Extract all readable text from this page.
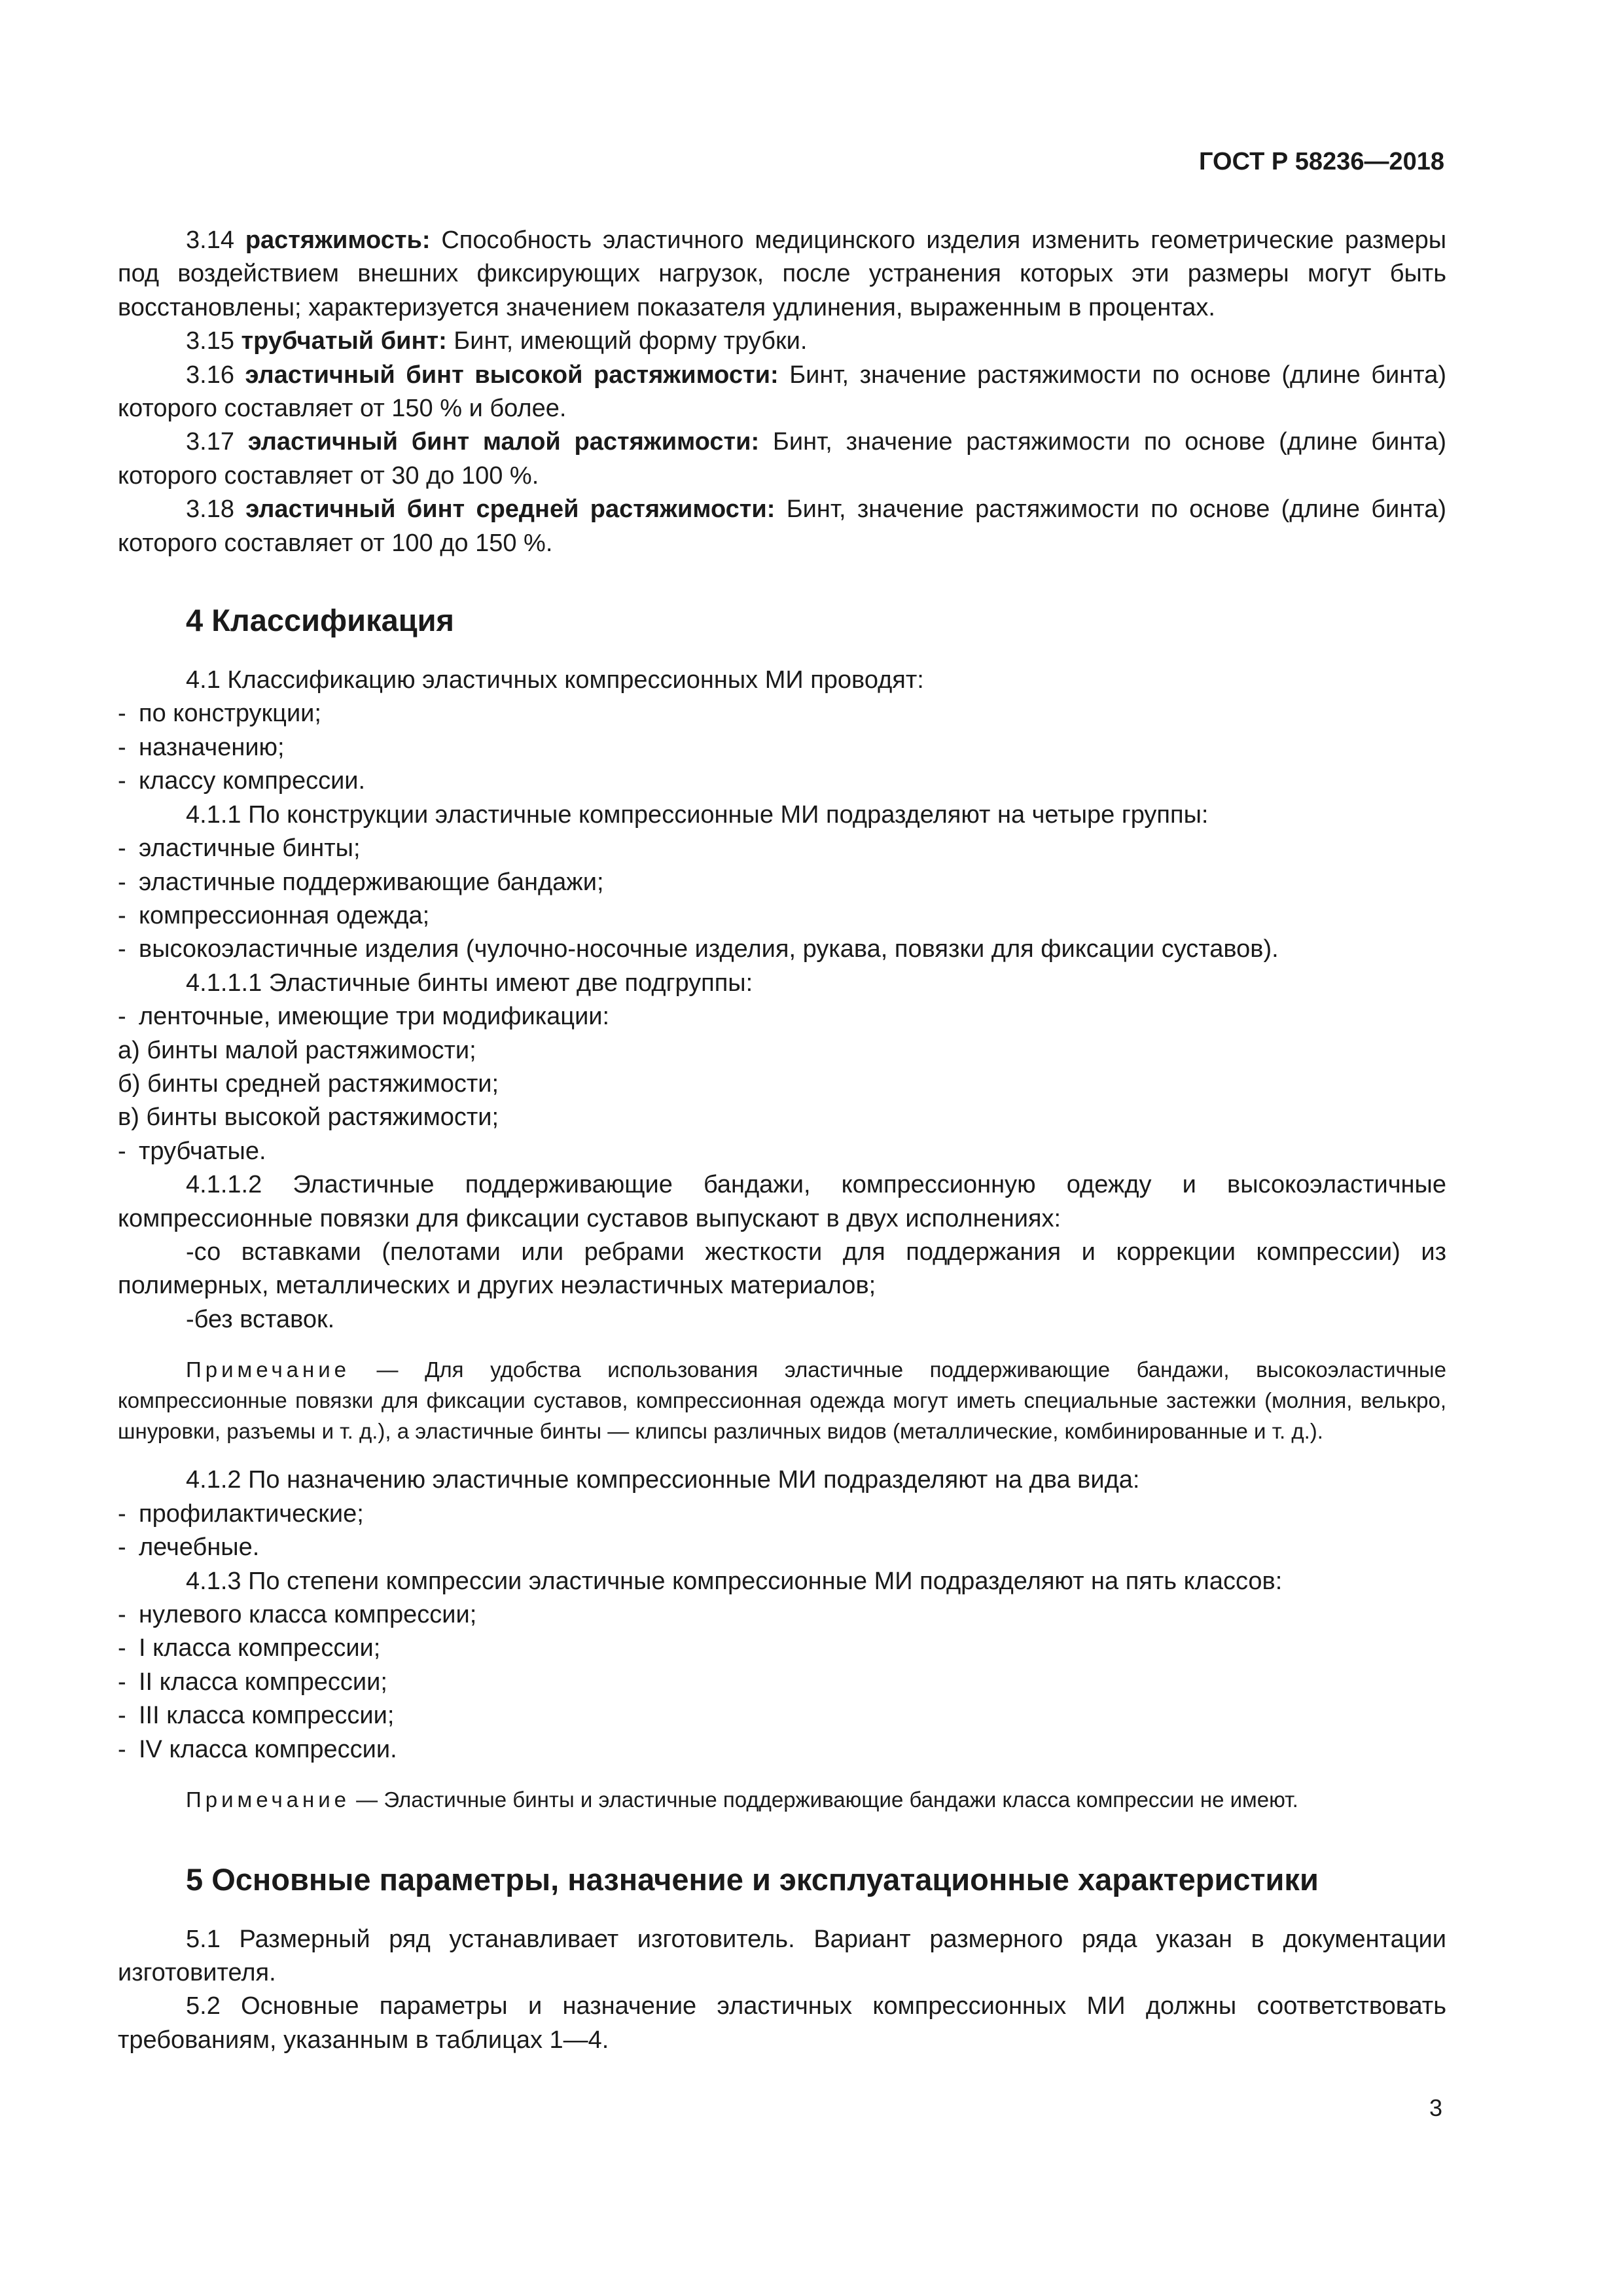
ГОСТ Р 58236—2018

3.14 растяжимость: Способность эластичного медицинского изделия изменить геометрические размеры под воздействием внешних фиксирующих нагрузок, после устранения которых эти размеры могут быть восстановлены; характеризуется значением показателя удлинения, выраженным в процентах.

3.15 трубчатый бинт: Бинт, имеющий форму трубки.

3.16 эластичный бинт высокой растяжимости: Бинт, значение растяжимости по основе (длине бинта) которого составляет от 150 % и более.

3.17 эластичный бинт малой растяжимости: Бинт, значение растяжимости по основе (длине бинта) которого составляет от 30 до 100 %.

3.18 эластичный бинт средней растяжимости: Бинт, значение растяжимости по основе (длине бинта) которого составляет от 100 до 150 %.

4 Классификация

4.1 Классификацию эластичных компрессионных МИ проводят:

- по конструкции;

- назначению;

- классу компрессии.

4.1.1 По конструкции эластичные компрессионные МИ подразделяют на четыре группы:

- эластичные бинты;

- эластичные поддерживающие бандажи;

- компрессионная одежда;

- высокоэластичные изделия (чулочно-носочные изделия, рукава, повязки для фиксации суставов).

4.1.1.1 Эластичные бинты имеют две подгруппы:

- ленточные, имеющие три модификации:

а) бинты малой растяжимости;

б) бинты средней растяжимости;

в) бинты высокой растяжимости;

- трубчатые.

4.1.1.2 Эластичные поддерживающие бандажи, компрессионную одежду и высокоэластичные компрессионные повязки для фиксации суставов выпускают в двух исполнениях:

-со вставками (пелотами или ребрами жесткости для поддержания и коррекции компрессии) из полимерных, металлических и других неэластичных материалов;

-без вставок.

Примечание — Для удобства использования эластичные поддерживающие бандажи, высокоэластичные компрессионные повязки для фиксации суставов, компрессионная одежда могут иметь специальные застежки (молния, велькро, шнуровки, разъемы и т. д.), а эластичные бинты — клипсы различных видов (металлические, комбинированные и т. д.).

4.1.2 По назначению эластичные компрессионные МИ подразделяют на два вида:

- профилактические;

- лечебные.

4.1.3 По степени компрессии эластичные компрессионные МИ подразделяют на пять классов:

- нулевого класса компрессии;

- I класса компрессии;

- II класса компрессии;

- III класса компрессии;

- IV класса компрессии.

Примечание — Эластичные бинты и эластичные поддерживающие бандажи класса компрессии не имеют.
5 Основные параметры, назначение и эксплуатационные характеристики

5.1 Размерный ряд устанавливает изготовитель. Вариант размерного ряда указан в документации изготовителя.

5.2 Основные параметры и назначение эластичных компрессионных МИ должны соответствовать требованиям, указанным в таблицах 1—4.

3
